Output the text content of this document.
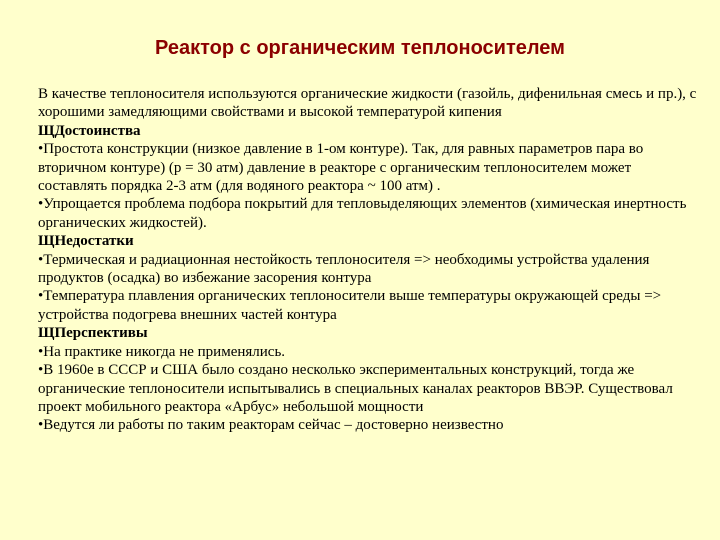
Реактор с органическим теплоносителем

В качестве теплоносителя используются органические жидкости (газойль, дифенильная смесь и пр.), с хорошими замедляющими свойствами и высокой температурой кипения

ЩДостоинства

•Простота конструкции (низкое давление в 1-ом контуре). Так, для равных параметров пара во вторичном контуре) (p = 30 атм) давление в реакторе с органическим теплоносителем может составлять порядка 2-3 атм (для водяного реактора ~ 100 атм) .

•Упрощается проблема подбора покрытий для тепловыделяющих элементов (химическая инертность органических жидкостей).

ЩНедостатки

•Термическая и радиационная нестойкость теплоносителя => необходимы устройства удаления продуктов (осадка) во избежание засорения контура

•Температура плавления органических теплоносители выше температуры окружающей среды => устройства подогрева внешних частей контура

ЩПерспективы

•На практике никогда не применялись.

•В 1960е в СССР и США было создано несколько экспериментальных конструкций, тогда же органические теплоносители испытывались в специальных каналах реакторов ВВЭР. Существовал проект мобильного реактора «Арбус» небольшой мощности

•Ведутся ли работы по таким реакторам сейчас – достоверно неизвестно
